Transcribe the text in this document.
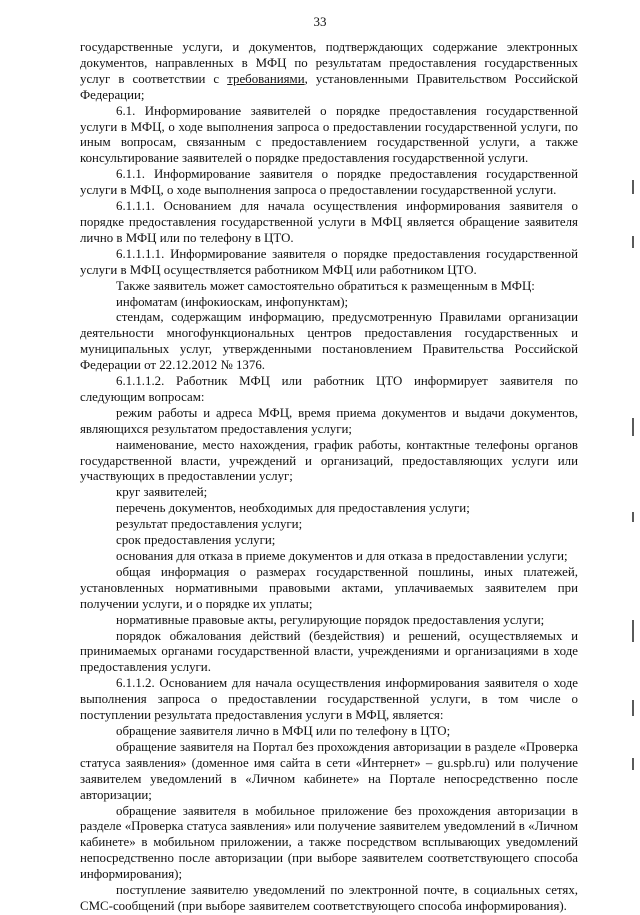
33

государственные услуги, и документов, подтверждающих содержание электронных документов, направленных в МФЦ по результатам предоставления государственных услуг в соответствии с требованиями, установленными Правительством Российской Федерации;

6.1. Информирование заявителей о порядке предоставления государственной услуги в МФЦ, о ходе выполнения запроса о предоставлении государственной услуги, по иным вопросам, связанным с предоставлением государственной услуги, а также консультирование заявителей о порядке предоставления государственной услуги.

6.1.1. Информирование заявителя о порядке предоставления государственной услуги в МФЦ, о ходе выполнения запроса о предоставлении государственной услуги.

6.1.1.1. Основанием для начала осуществления информирования заявителя о порядке предоставления государственной услуги в МФЦ является обращение заявителя лично в МФЦ или по телефону в ЦТО.

6.1.1.1.1. Информирование заявителя о порядке предоставления государственной услуги в МФЦ осуществляется работником МФЦ или работником ЦТО.

Также заявитель может самостоятельно обратиться к размещенным в МФЦ:

инфоматам (инфокиоскам, инфопунктам);

стендам, содержащим информацию, предусмотренную Правилами организации деятельности многофункциональных центров предоставления государственных и муниципальных услуг, утвержденными постановлением Правительства Российской Федерации от 22.12.2012 № 1376.

6.1.1.1.2. Работник МФЦ или работник ЦТО информирует заявителя по следующим вопросам:

режим работы и адреса МФЦ, время приема документов и выдачи документов, являющихся результатом предоставления услуги;

наименование, место нахождения, график работы, контактные телефоны органов государственной власти, учреждений и организаций, предоставляющих услуги или участвующих в предоставлении услуг;

круг заявителей;

перечень документов, необходимых для предоставления услуги;

результат предоставления услуги;

срок предоставления услуги;

основания для отказа в приеме документов и для отказа в предоставлении услуги;

общая информация о размерах государственной пошлины, иных платежей, установленных нормативными правовыми актами, уплачиваемых заявителем при получении услуги, и о порядке их уплаты;

нормативные правовые акты, регулирующие порядок предоставления услуги;

порядок обжалования действий (бездействия) и решений, осуществляемых и принимаемых органами государственной власти, учреждениями и организациями в ходе предоставления услуги.

6.1.1.2. Основанием для начала осуществления информирования заявителя о ходе выполнения запроса о предоставлении государственной услуги, в том числе о поступлении результата предоставления услуги в МФЦ, является:

обращение заявителя лично в МФЦ или по телефону в ЦТО;

обращение заявителя на Портал без прохождения авторизации в разделе «Проверка статуса заявления» (доменное имя сайта в сети «Интернет» – gu.spb.ru) или получение заявителем уведомлений в «Личном кабинете» на Портале непосредственно после авторизации;

обращение заявителя в мобильное приложение без прохождения авторизации в разделе «Проверка статуса заявления» или получение заявителем уведомлений в «Личном кабинете» в мобильном приложении, а также посредством всплывающих уведомлений непосредственно после авторизации (при выборе заявителем соответствующего способа информирования);

поступление заявителю уведомлений по электронной почте, в социальных сетях, СМС-сообщений (при выборе заявителем соответствующего способа информирования).
